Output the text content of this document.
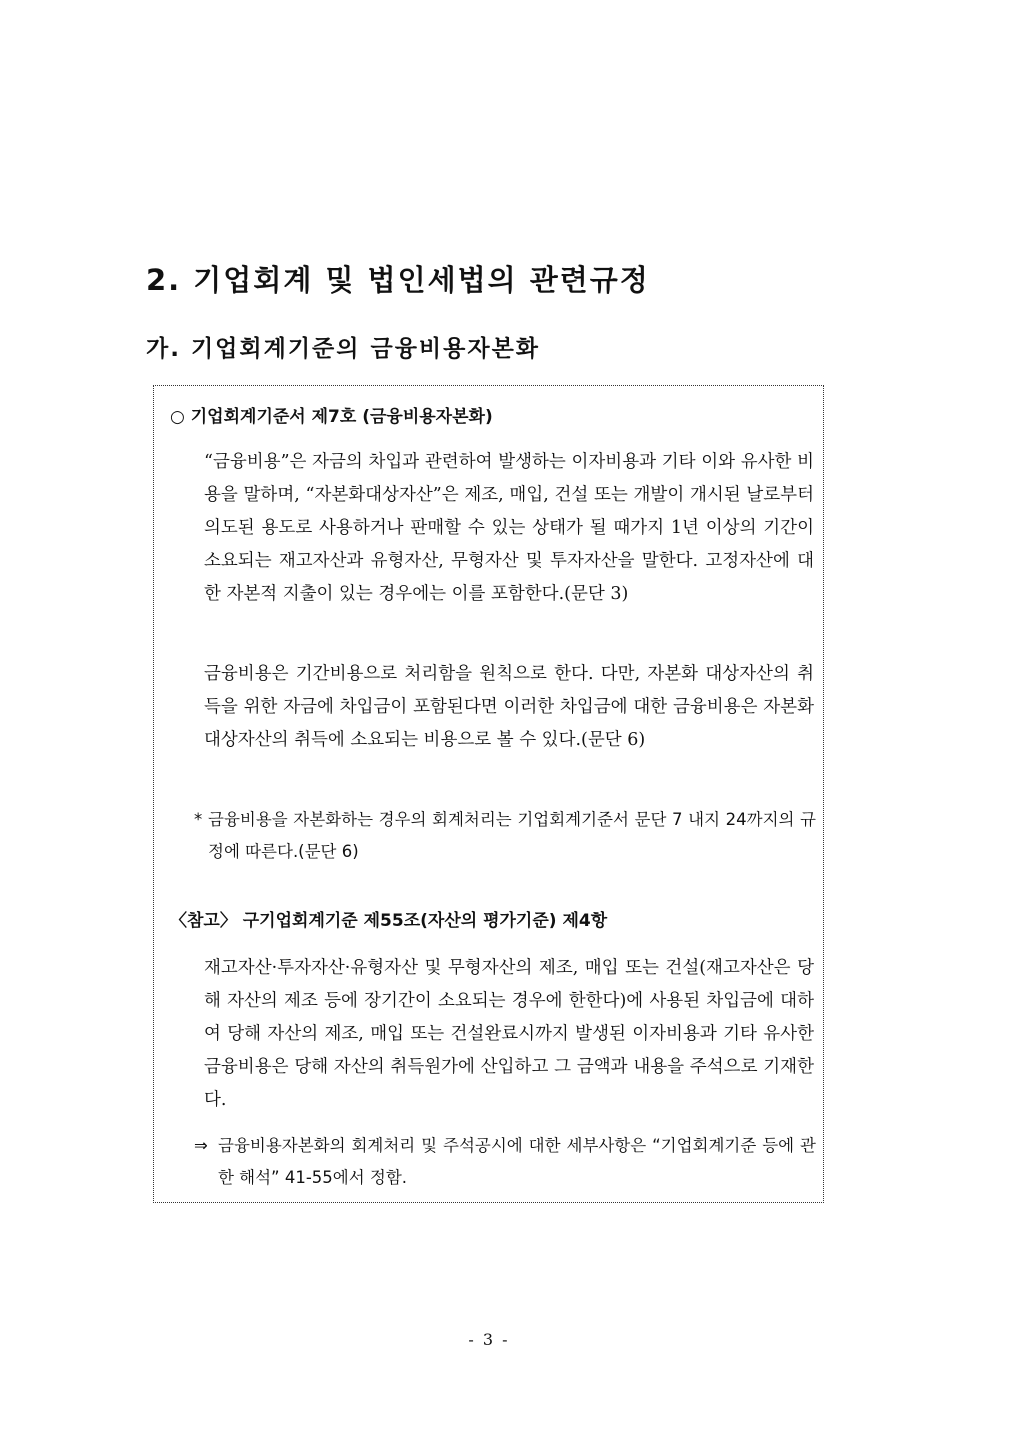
2. 기업회계 및 법인세법의 관련규정
가. 기업회계기준의 금융비용자본화
○ 기업회계기준서 제7호 (금융비용자본화)
“금융비용”은 자금의 차입과 관련하여 발생하는 이자비용과 기타 이와 유사한 비용을 말하며, “자본화대상자산”은 제조, 매입, 건설 또는 개발이 개시된 날로부터 의도된 용도로 사용하거나 판매할 수 있는 상태가 될 때가지 1년 이상의 기간이 소요되는 재고자산과 유형자산, 무형자산 및 투자자산을 말한다. 고정자산에 대한 자본적 지출이 있는 경우에는 이를 포함한다.(문단 3)
금융비용은 기간비용으로 처리함을 원칙으로 한다. 다만, 자본화 대상자산의 취득을 위한 자금에 차입금이 포함된다면 이러한 차입금에 대한 금융비용은 자본화대상자산의 취득에 소요되는 비용으로 볼 수 있다.(문단 6)
* 금융비용을 자본화하는 경우의 회계처리는 기업회계기준서 문단 7 내지 24까지의 규정에 따른다.(문단 6)
〈참고〉 구기업회계기준 제55조(자산의 평가기준) 제4항
재고자산·투자자산·유형자산 및 무형자산의 제조, 매입 또는 건설(재고자산은 당해 자산의 제조 등에 장기간이 소요되는 경우에 한한다)에 사용된 차입금에 대하여 당해 자산의 제조, 매입 또는 건설완료시까지 발생된 이자비용과 기타 유사한 금융비용은 당해 자산의 취득원가에 산입하고 그 금액과 내용을 주석으로 기재한다.
⇒ 금융비용자본화의 회계처리 및 주석공시에 대한 세부사항은 “기업회계기준 등에 관한 해석” 41-55에서 정함.
- 3 -
